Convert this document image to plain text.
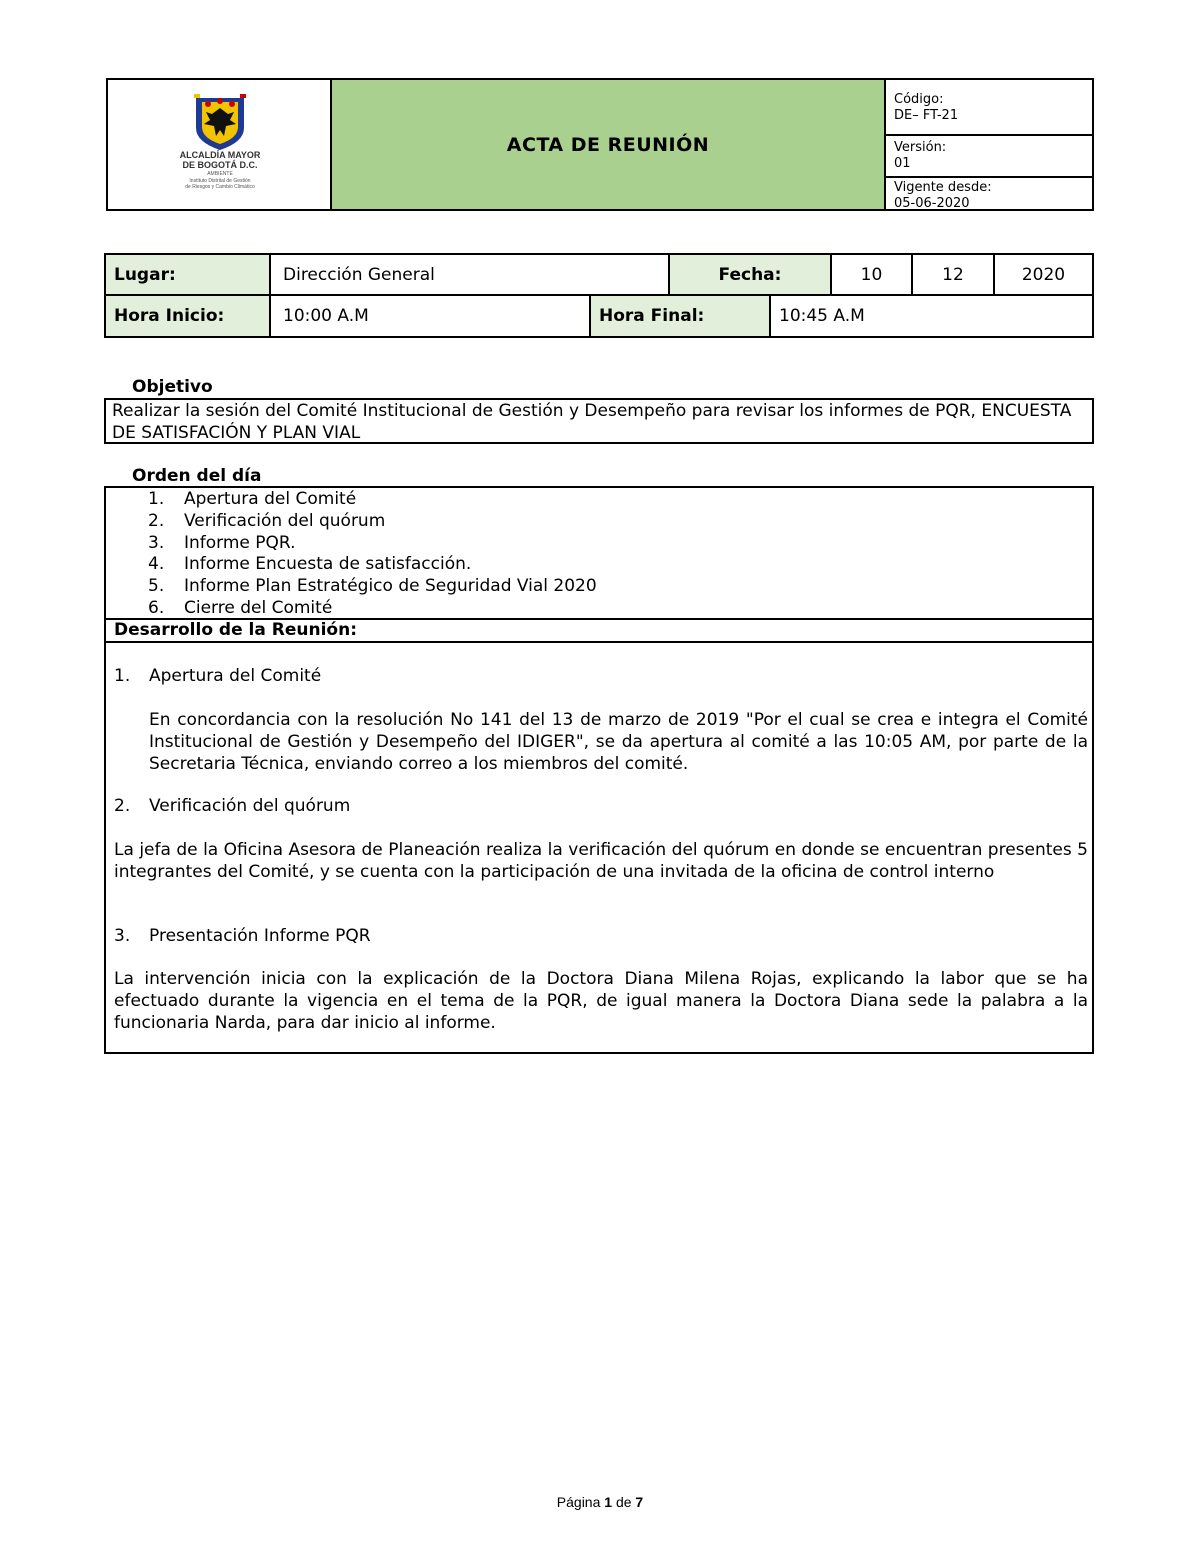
ALCALDÍA MAYOR
DE BOGOTÁ D.C.
AMBIENTE
Instituto Distrital de Gestión
de Riesgos y Cambio Climático
ACTA DE REUNIÓN
Código:
DE– FT-21
Versión:
01
Vigente desde:
05-06-2020
Lugar:	Dirección General	Fecha:	10	12	2020
Hora Inicio:	10:00 A.M	Hora Final:	10:45 A.M
Objetivo
Realizar la sesión del Comité Institucional de Gestión y Desempeño para revisar los informes de PQR, ENCUESTA DE SATISFACIÓN Y PLAN VIAL
Orden del día
1. Apertura del Comité
2. Verificación del quórum
3. Informe PQR.
4. Informe Encuesta de satisfacción.
5. Informe Plan Estratégico de Seguridad Vial 2020
6. Cierre del Comité
Desarrollo de la Reunión:
1. Apertura del Comité
En concordancia con la resolución No 141 del 13 de marzo de 2019 "Por el cual se crea e integra el Comité Institucional de Gestión y Desempeño del IDIGER", se da apertura al comité a las 10:05 AM, por parte de la Secretaria Técnica, enviando correo a los miembros del comité.
2. Verificación del quórum
La jefa de la Oficina Asesora de Planeación realiza la verificación del quórum en donde se encuentran presentes 5 integrantes del Comité, y se cuenta con la participación de una invitada de la oficina de control interno
3. Presentación Informe PQR
La intervención inicia con la explicación de la Doctora Diana Milena Rojas, explicando la labor que se ha efectuado durante la vigencia en el tema de la PQR, de igual manera la Doctora Diana sede la palabra a la funcionaria Narda, para dar inicio al informe.
Página 1 de 7
